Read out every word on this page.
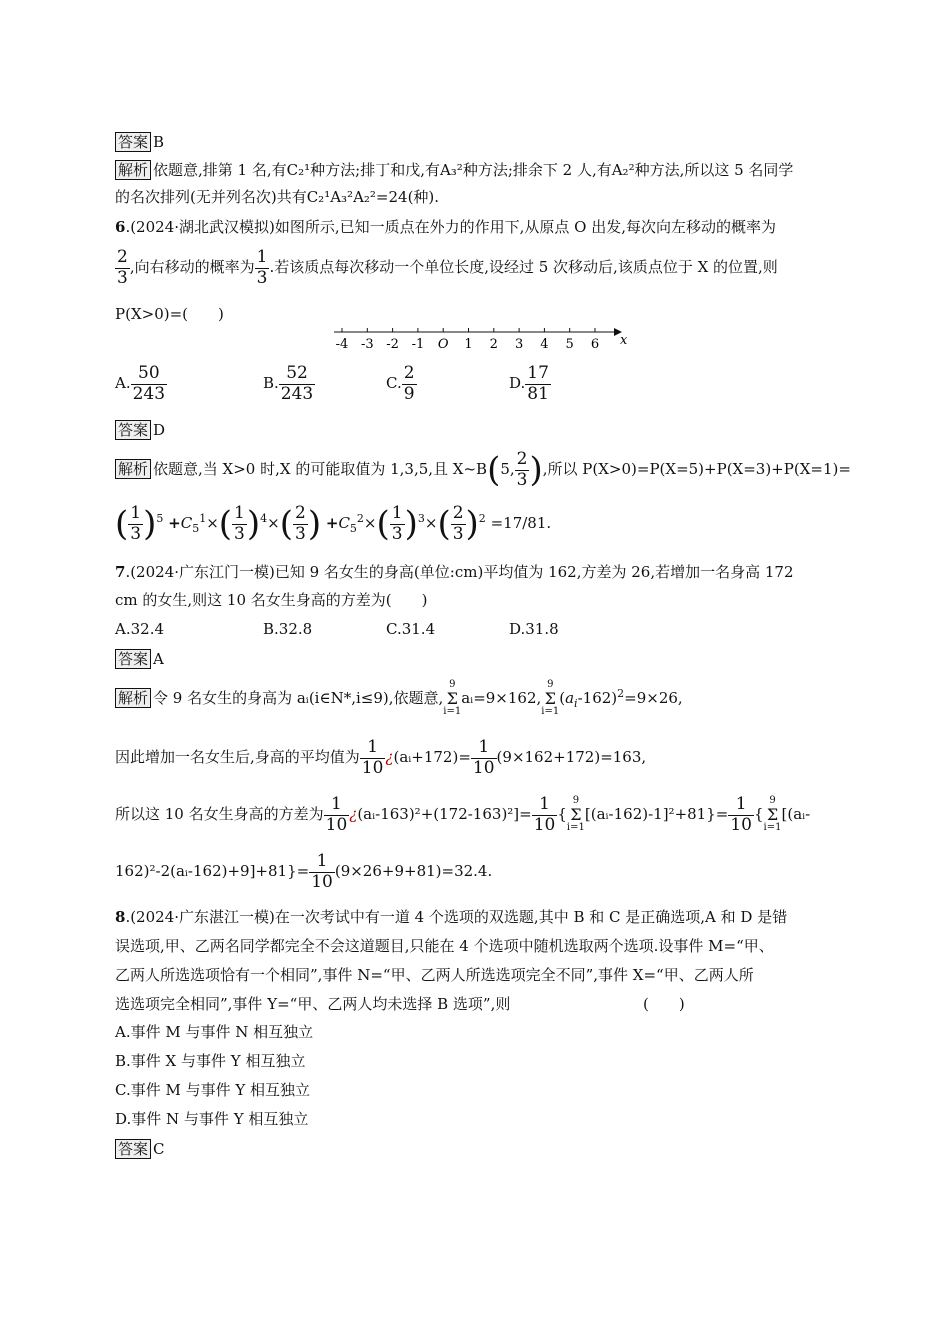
答案 B
解析 依题意,排第 1 名,有C₂¹种方法;排丁和戊,有A₃²种方法;排余下 2 人,有A₂²种方法,所以这 5 名同学
的名次排列(无并列名次)共有C₂¹A₃²A₂²=24(种).
6.(2024·湖北武汉模拟)如图所示,已知一质点在外力的作用下,从原点 O 出发,每次向左移动的概率为
$\frac{2}{3}$ ,向右移动的概率为 $\frac{1}{3}$ .若该质点每次移动一个单位长度,设经过 5 次移动后,该质点位于 X 的位置,则
P(X>0)=(　　)
-4 -3 -2 -1 O 1 2 3 4 5 6 x
A. $\frac{50}{243}$	B. $\frac{52}{243}$	C. $\frac{2}{9}$	D. $\frac{17}{81}$
答案 D
解析 依题意,当 X>0 时,X 的可能取值为 1,3,5,且 X~B(5, $\frac{2}{3}$ ),所以 P(X>0)=P(X=5)+P(X=3)+P(X=1)=
( $\frac{1}{3} )^5 +C_5^1\times( \frac{1}{3} )^4\times( \frac{2}{3}$ ) $+C_5^2\times( \frac{1}{3} )^3\times( \frac{2}{3} )^2 =17/81$.
7.(2024·广东江门一模)已知 9 名女生的身高(单位:cm)平均值为 162,方差为 26,若增加一名身高 172
cm 的女生,则这 10 名女生身高的方差为(　　)
A.32.4	B.32.8	C.31.4	D.31.8
答案 A
解析 令 9 名女生的身高为 aᵢ(i∈N*,i≤9),依题意,9
Σ
i=1aᵢ=9×162,9
Σ
$i=1(a_i-162)^2=9\times 26$,
因此增加一名女生后,身高的平均值为 $\frac{1}{10}$ ¿(aᵢ+172)= $\frac{1}{10} (9\times 162+172)=163$,
所以这 10 名女生身高的方差为 $\frac{1}{10}$ ¿(aᵢ-163)²+(172-163)²]= $\frac{1}{10} \{9$
Σ
i=1[(aᵢ-162)-1]²+81}= $\frac{1}{10} \{9$
Σ
i=1[(aᵢ-
162)²-2(aᵢ-162)+9]+81}= $\frac{1}{10} (9\times 26+9+81)=32.4$.
8.(2024·广东湛江一模)在一次考试中有一道 4 个选项的双选题,其中 B 和 C 是正确选项,A 和 D 是错
误选项,甲、乙两名同学都完全不会这道题目,只能在 4 个选项中随机选取两个选项.设事件 M=“甲、
乙两人所选选项恰有一个相同”,事件 N=“甲、乙两人所选选项完全不同”,事件 X=“甲、乙两人所
选选项完全相同”,事件 Y=“甲、乙两人均未选择 B 选项”,则	(　　)
A.事件 M 与事件 N 相互独立
B.事件 X 与事件 Y 相互独立
C.事件 M 与事件 Y 相互独立
D.事件 N 与事件 Y 相互独立
答案 C
